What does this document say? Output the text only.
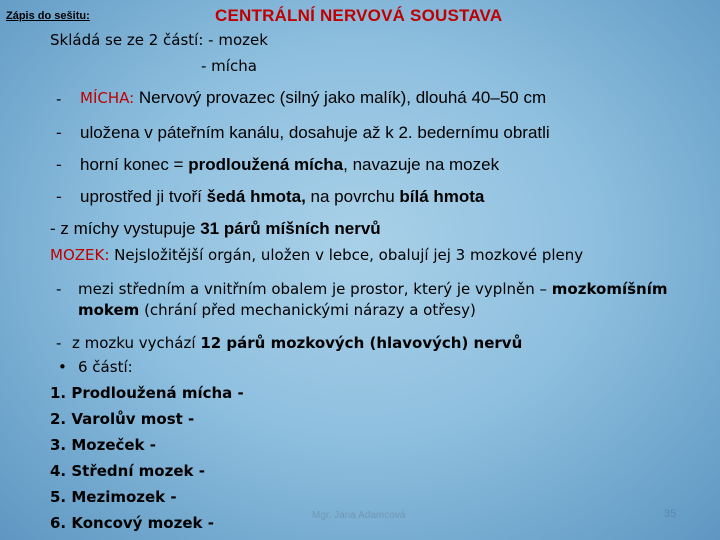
Zápis do sešitu:	CENTRÁLNÍ NERVOVÁ SOUSTAVA
Skládá se ze 2 částí: - mozek
- mícha
- MÍCHA: Nervový provazec (silný jako malík), dlouhá 40–50 cm
- uložena v páteřním kanálu, dosahuje až k 2. bedernímu obratli
- horní konec = prodloužená mícha, navazuje na mozek
- uprostřed ji tvoří šedá hmota, na povrchu bílá hmota
- z míchy vystupuje 31 párů míšních nervů
MOZEK: Nejsložitější orgán, uložen v lebce, obalují jej 3 mozkové pleny
- mezi středním a vnitřním obalem je prostor, který je vyplněn – mozkomíšním
mokem (chrání před mechanickými nárazy a otřesy)
- z mozku vychází 12 párů mozkových (hlavových) nervů
• 6 částí:
1. Prodloužená mícha -
2. Varolův most -
3. Mozeček -
4. Střední mozek -
5. Mezimozek -
6. Koncový mozek -	Mgr. Jana Adamcová	35
